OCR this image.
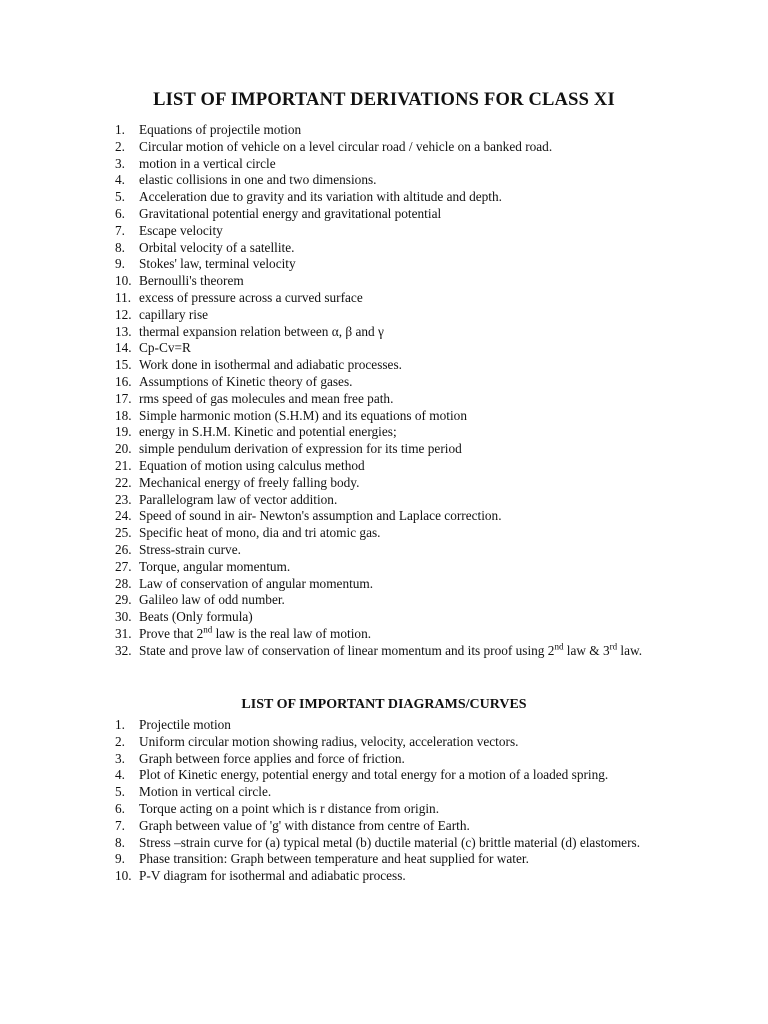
LIST OF IMPORTANT DERIVATIONS FOR CLASS XI
1.	Equations of projectile motion
2.	Circular motion of vehicle on a level circular road / vehicle on a banked road.
3.	motion in a vertical circle
4.	elastic collisions in one and two dimensions.
5.	Acceleration due to gravity and its variation with altitude and depth.
6.	Gravitational potential energy and gravitational potential
7.	Escape velocity
8.	Orbital velocity of a satellite.
9.	Stokes' law, terminal velocity
10. Bernoulli's theorem
11. excess of pressure across a curved surface
12. capillary rise
13. thermal expansion relation between α, β and γ
14. Cp-Cv=R
15. Work done in isothermal and adiabatic processes.
16. Assumptions of Kinetic theory of gases.
17. rms speed of gas molecules and mean free path.
18. Simple harmonic motion (S.H.M) and its equations of motion
19. energy in S.H.M. Kinetic and potential energies;
20. simple pendulum derivation of expression for its time period
21. Equation of motion using calculus method
22. Mechanical energy of freely falling body.
23. Parallelogram law of vector addition.
24. Speed of sound in air- Newton's assumption and Laplace correction.
25. Specific heat of mono, dia and tri atomic gas.
26. Stress-strain curve.
27. Torque, angular momentum.
28. Law of conservation of angular momentum.
29. Galileo law of odd number.
30. Beats (Only formula)
31. Prove that 2nd law is the real law of motion.
32. State and prove law of conservation of linear momentum and its proof using 2nd law & 3rd law.
LIST OF IMPORTANT DIAGRAMS/CURVES
1.	Projectile motion
2.	Uniform circular motion showing radius, velocity, acceleration vectors.
3.	Graph between force applies and force of friction.
4.	Plot of Kinetic energy, potential energy and total energy for a motion of a loaded spring.
5.	Motion in vertical circle.
6.	Torque acting on a point which is r distance from origin.
7.	Graph between value of 'g' with distance from centre of Earth.
8.	Stress –strain curve for (a) typical metal (b) ductile material (c) brittle material (d) elastomers.
9.	Phase transition: Graph between temperature and heat supplied for water.
10. P-V diagram for isothermal and adiabatic process.
